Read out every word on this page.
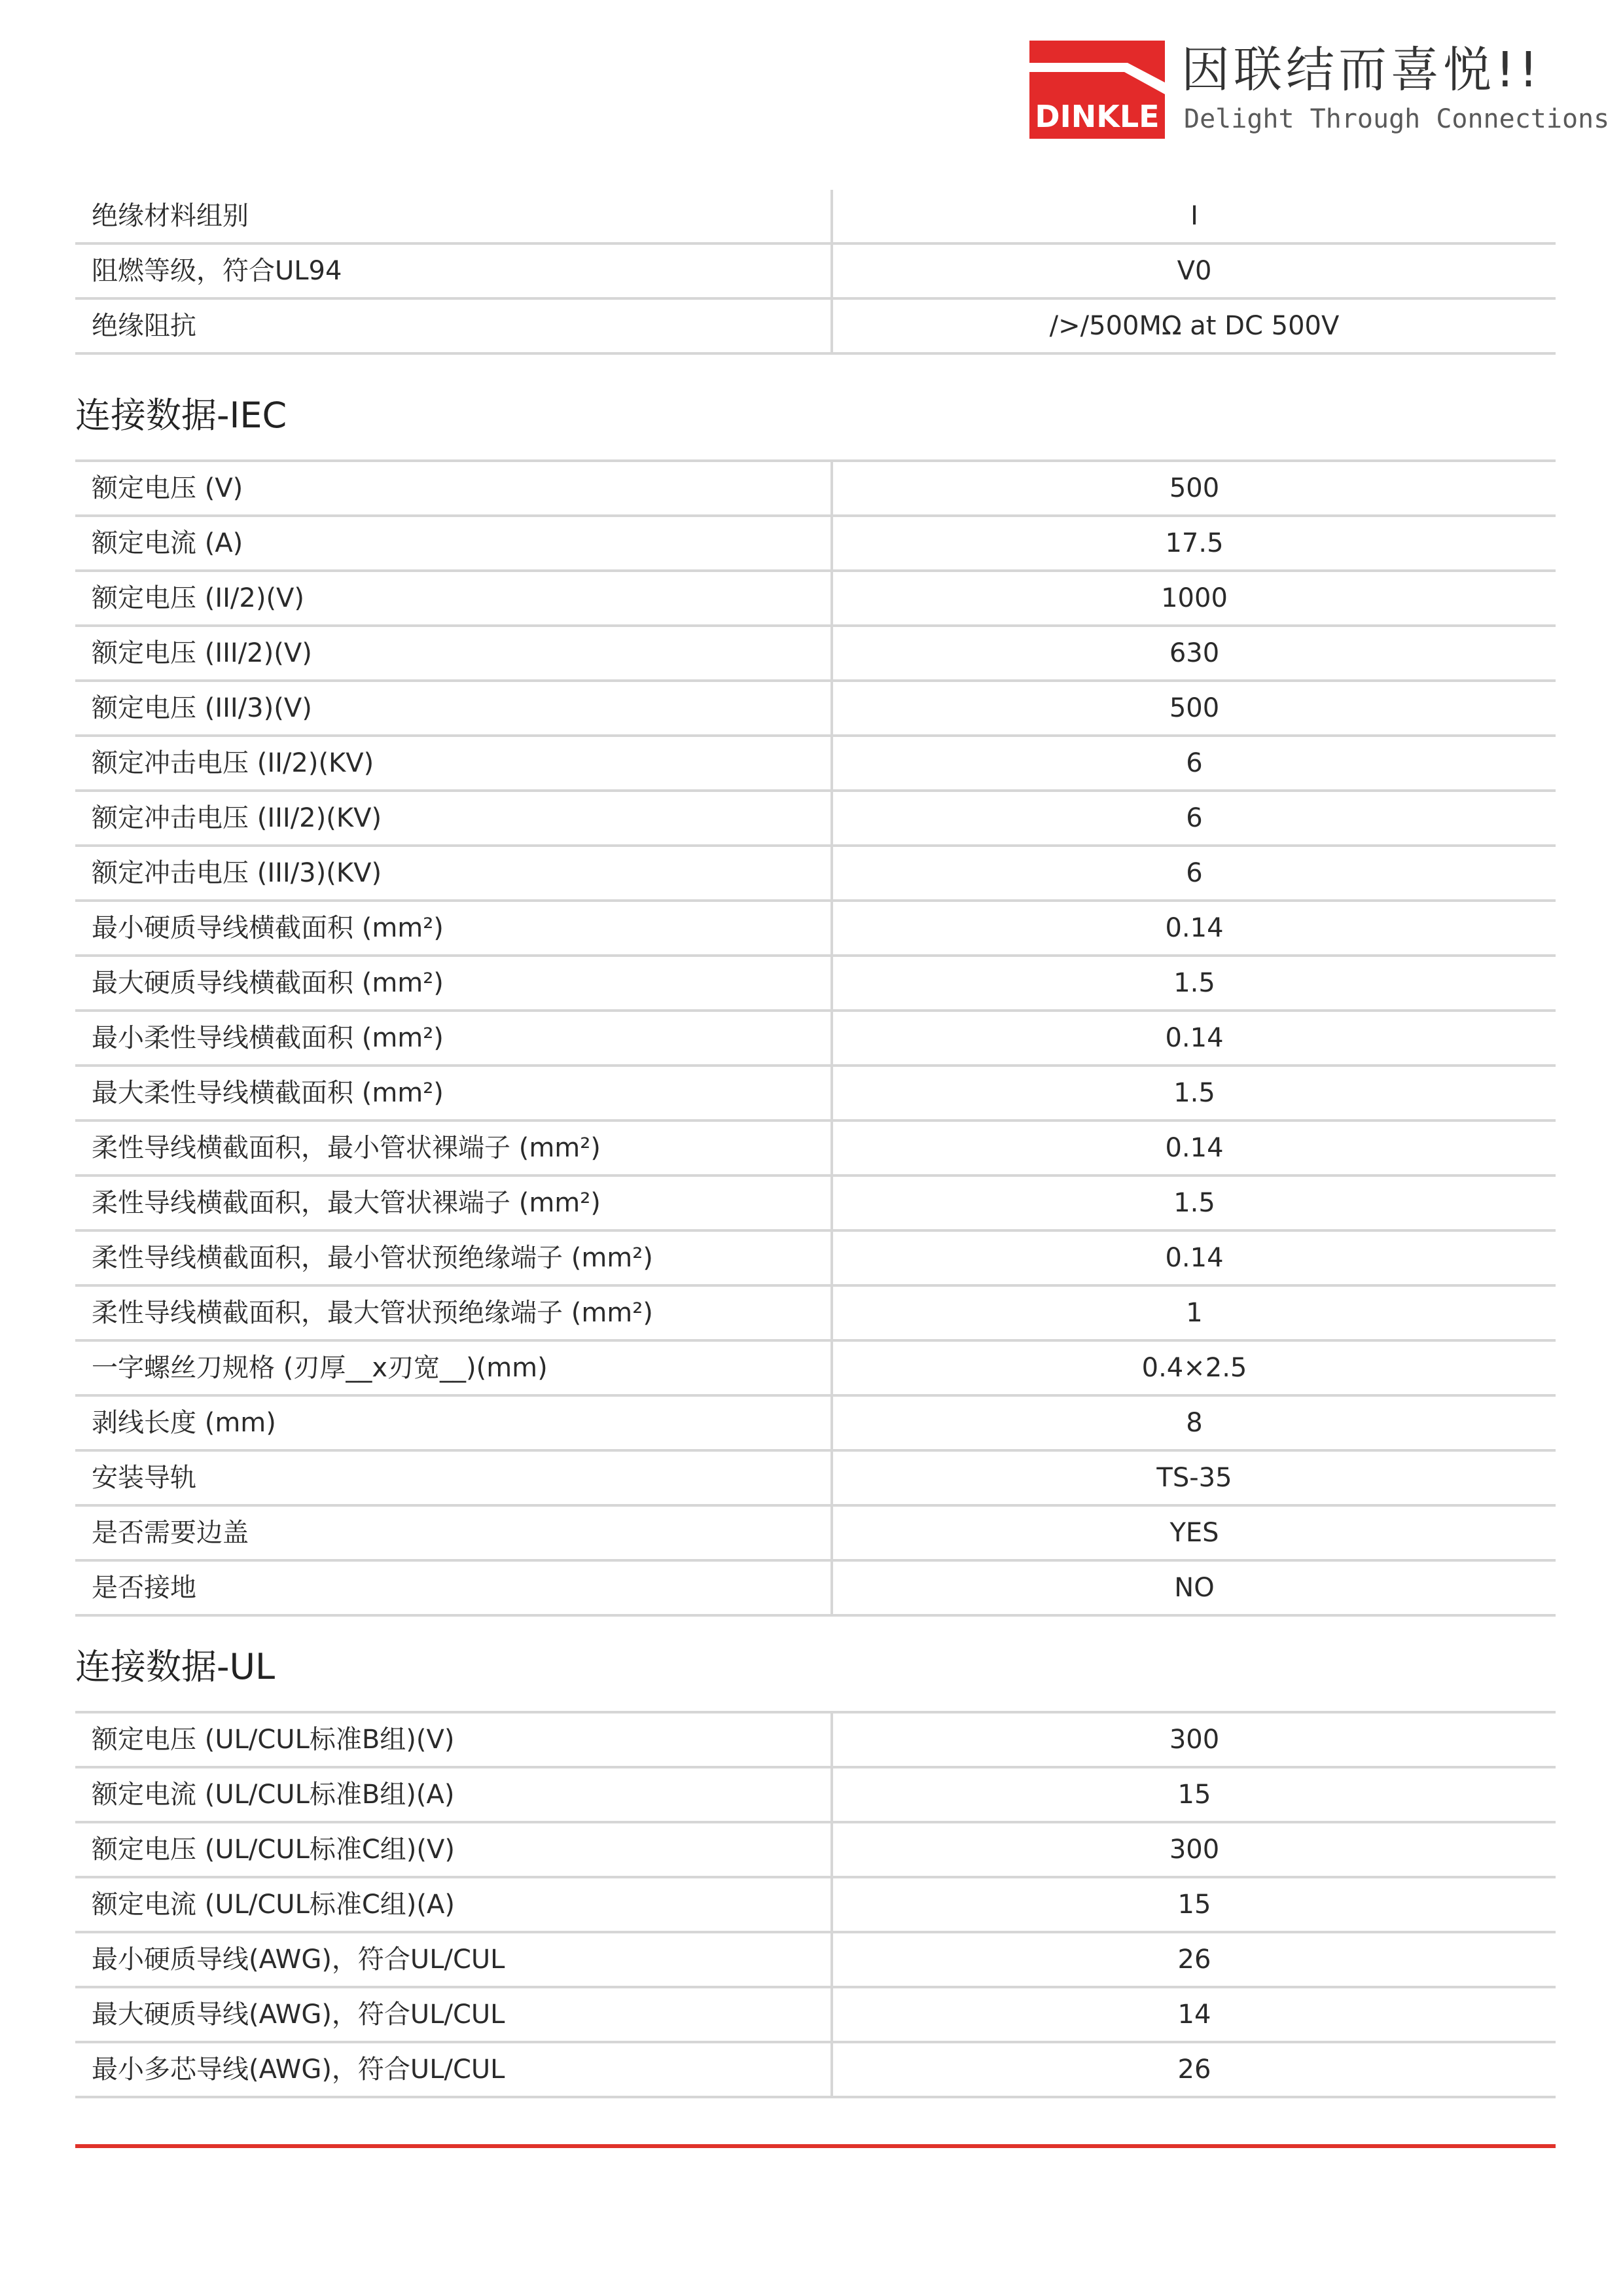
DINKLE
因联结而喜悦!!
Delight Through Connections
绝缘材料组别	I
阻燃等级，符合UL94	V0
绝缘阻抗	/>/500MΩ at DC 500V
连接数据-IEC
额定电压 (V)	500
额定电流 (A)	17.5
额定电压 (II/2)(V)	1000
额定电压 (III/2)(V)	630
额定电压 (III/3)(V)	500
额定冲击电压 (II/2)(KV)	6
额定冲击电压 (III/2)(KV)	6
额定冲击电压 (III/3)(KV)	6
最小硬质导线横截面积 (mm²)	0.14
最大硬质导线横截面积 (mm²)	1.5
最小柔性导线横截面积 (mm²)	0.14
最大柔性导线横截面积 (mm²)	1.5
柔性导线横截面积，最小管状裸端子 (mm²)	0.14
柔性导线横截面积，最大管状裸端子 (mm²)	1.5
柔性导线横截面积，最小管状预绝缘端子 (mm²)	0.14
柔性导线横截面积，最大管状预绝缘端子 (mm²)	1
一字螺丝刀规格 (刃厚__x刃宽__)(mm)	0.4×2.5
剥线长度 (mm)	8
安装导轨	TS-35
是否需要边盖	YES
是否接地	NO
连接数据-UL
额定电压 (UL/CUL标准B组)(V)	300
额定电流 (UL/CUL标准B组)(A)	15
额定电压 (UL/CUL标准C组)(V)	300
额定电流 (UL/CUL标准C组)(A)	15
最小硬质导线(AWG)，符合UL/CUL	26
最大硬质导线(AWG)，符合UL/CUL	14
最小多芯导线(AWG)，符合UL/CUL	26
